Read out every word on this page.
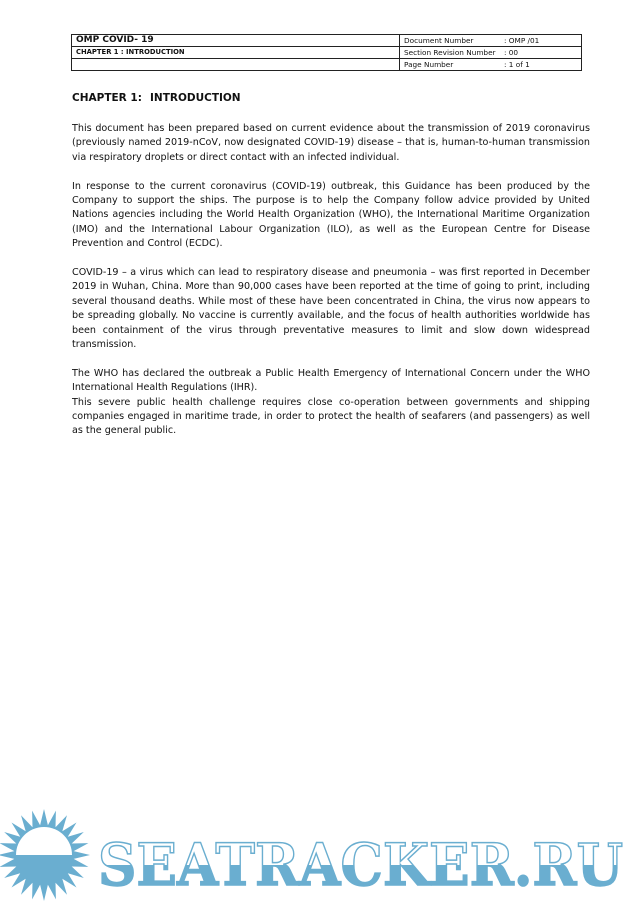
OMP COVID- 19	Document Number : OMP /01
CHAPTER 1 : INTRODUCTION	Section Revision Number : 00
	Page Number : 1 of 1
CHAPTER 1: INTRODUCTION

This document has been prepared based on current evidence about the transmission of 2019 coronavirus (previously named 2019-nCoV, now designated COVID-19) disease – that is, human-to-human transmission via respiratory droplets or direct contact with an infected individual.

In response to the current coronavirus (COVID-19) outbreak, this Guidance has been produced by the Company to support the ships. The purpose is to help the Company follow advice provided by United Nations agencies including the World Health Organization (WHO), the International Maritime Organization (IMO) and the International Labour Organization (ILO), as well as the European Centre for Disease Prevention and Control (ECDC).

COVID-19 – a virus which can lead to respiratory disease and pneumonia – was first reported in December 2019 in Wuhan, China. More than 90,000 cases have been reported at the time of going to print, including several thousand deaths. While most of these have been concentrated in China, the virus now appears to be spreading globally. No vaccine is currently available, and the focus of health authorities worldwide has been containment of the virus through preventative measures to limit and slow down widespread transmission.

The WHO has declared the outbreak a Public Health Emergency of International Concern under the WHO International Health Regulations (IHR).

This severe public health challenge requires close co-operation between governments and shipping companies engaged in maritime trade, in order to protect the health of seafarers (and passengers) as well as the general public.

SEATRACKER.RU
